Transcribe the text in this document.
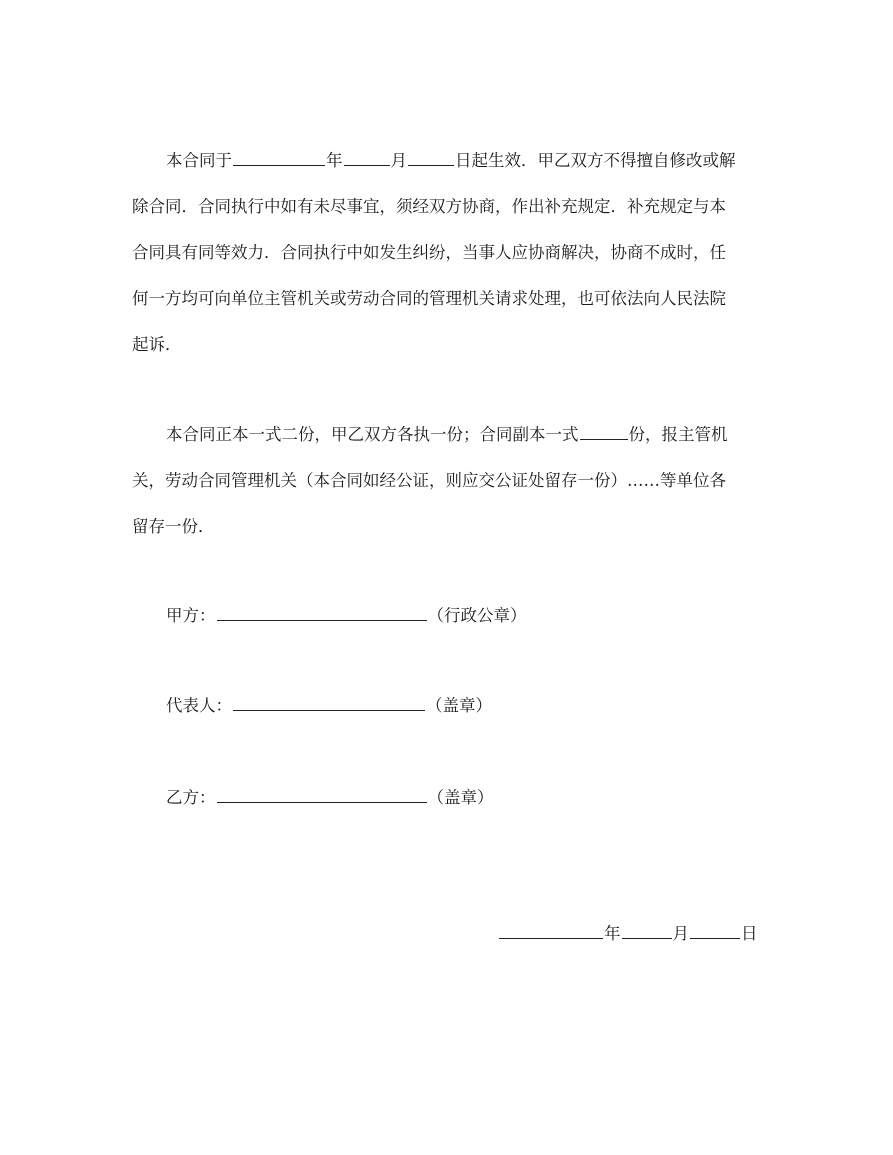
本合同于	年	月	日起生效．甲乙双方不得擅自修改或解
除合同．合同执行中如有未尽事宜，须经双方协商，作出补充规定．补充规定与本
合同具有同等效力．合同执行中如发生纠纷，当事人应协商解决，协商不成时，任
何一方均可向单位主管机关或劳动合同的管理机关请求处理，也可依法向人民法院
起诉．
本合同正本一式二份，甲乙双方各执一份；合同副本一式	份，报主管机
关，劳动合同管理机关（本合同如经公证，则应交公证处留存一份）……等单位各
留存一份．
甲方：	（行政公章）
代表人：	（盖章）
乙方：	（盖章）
年	月	日
